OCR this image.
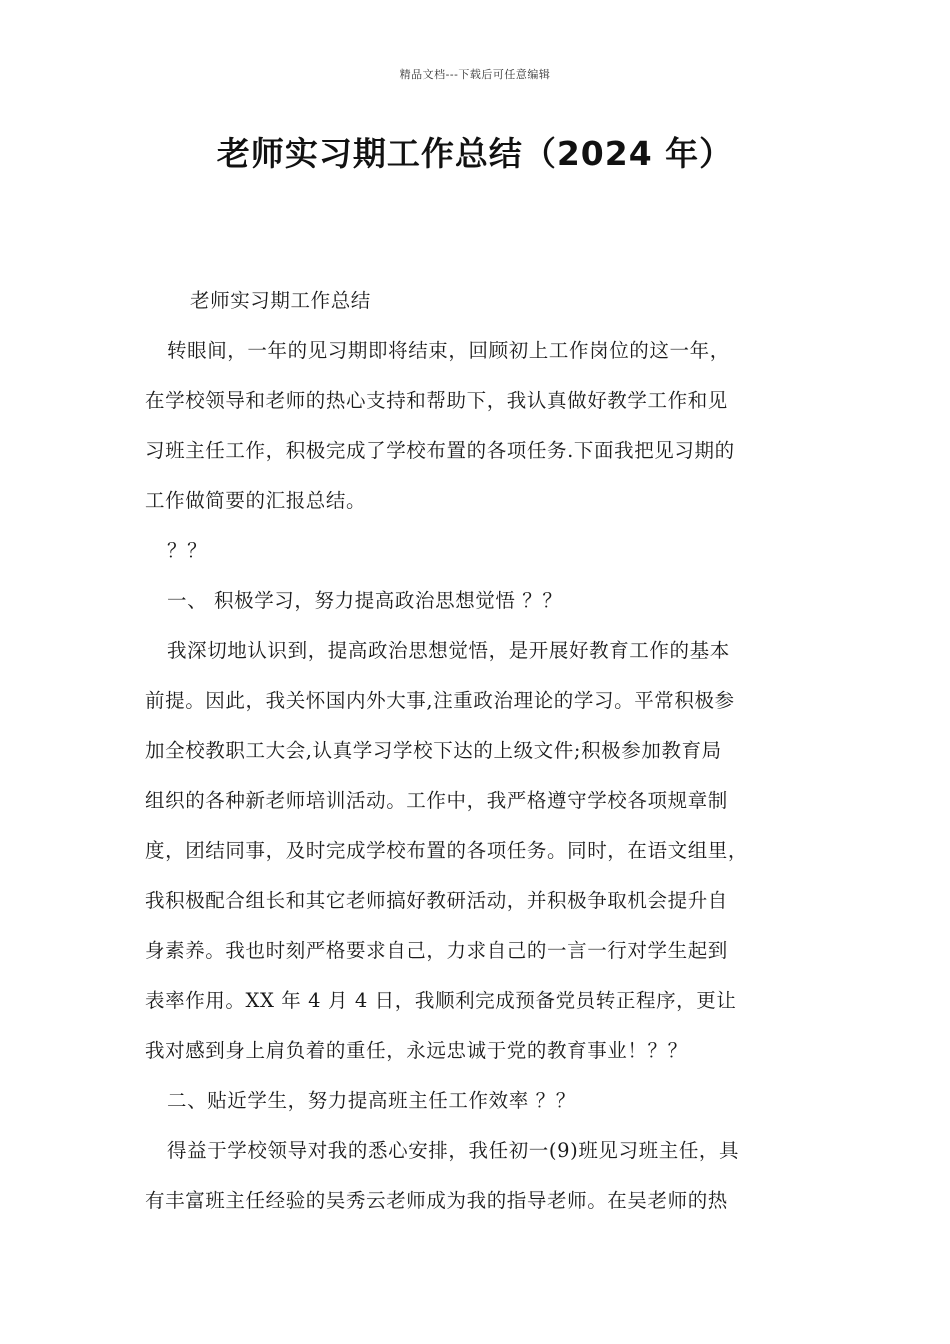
精品文档---下载后可任意编辑
老师实习期工作总结（2024 年）

老师实习期工作总结

转眼间，一年的见习期即将结束，回顾初上工作岗位的这一年，

在学校领导和老师的热心支持和帮助下，我认真做好教学工作和见

习班主任工作，积极完成了学校布置的各项任务.下面我把见习期的

工作做简要的汇报总结。

？？

一、 积极学习，努力提高政治思想觉悟 ？？

我深切地认识到，提高政治思想觉悟，是开展好教育工作的基本

前提。因此，我关怀国内外大事,注重政治理论的学习。平常积极参

加全校教职工大会,认真学习学校下达的上级文件;积极参加教育局

组织的各种新老师培训活动。工作中，我严格遵守学校各项规章制

度，团结同事，及时完成学校布置的各项任务。同时，在语文组里，

我积极配合组长和其它老师搞好教研活动，并积极争取机会提升自

身素养。我也时刻严格要求自己，力求自己的一言一行对学生起到

表率作用。XX 年 4 月 4 日，我顺利完成预备党员转正程序，更让

我对感到身上肩负着的重任，永远忠诚于党的教育事业！？？

二、贴近学生，努力提高班主任工作效率 ？？

得益于学校领导对我的悉心安排，我任初一(9)班见习班主任，具

有丰富班主任经验的吴秀云老师成为我的指导老师。在吴老师的热
